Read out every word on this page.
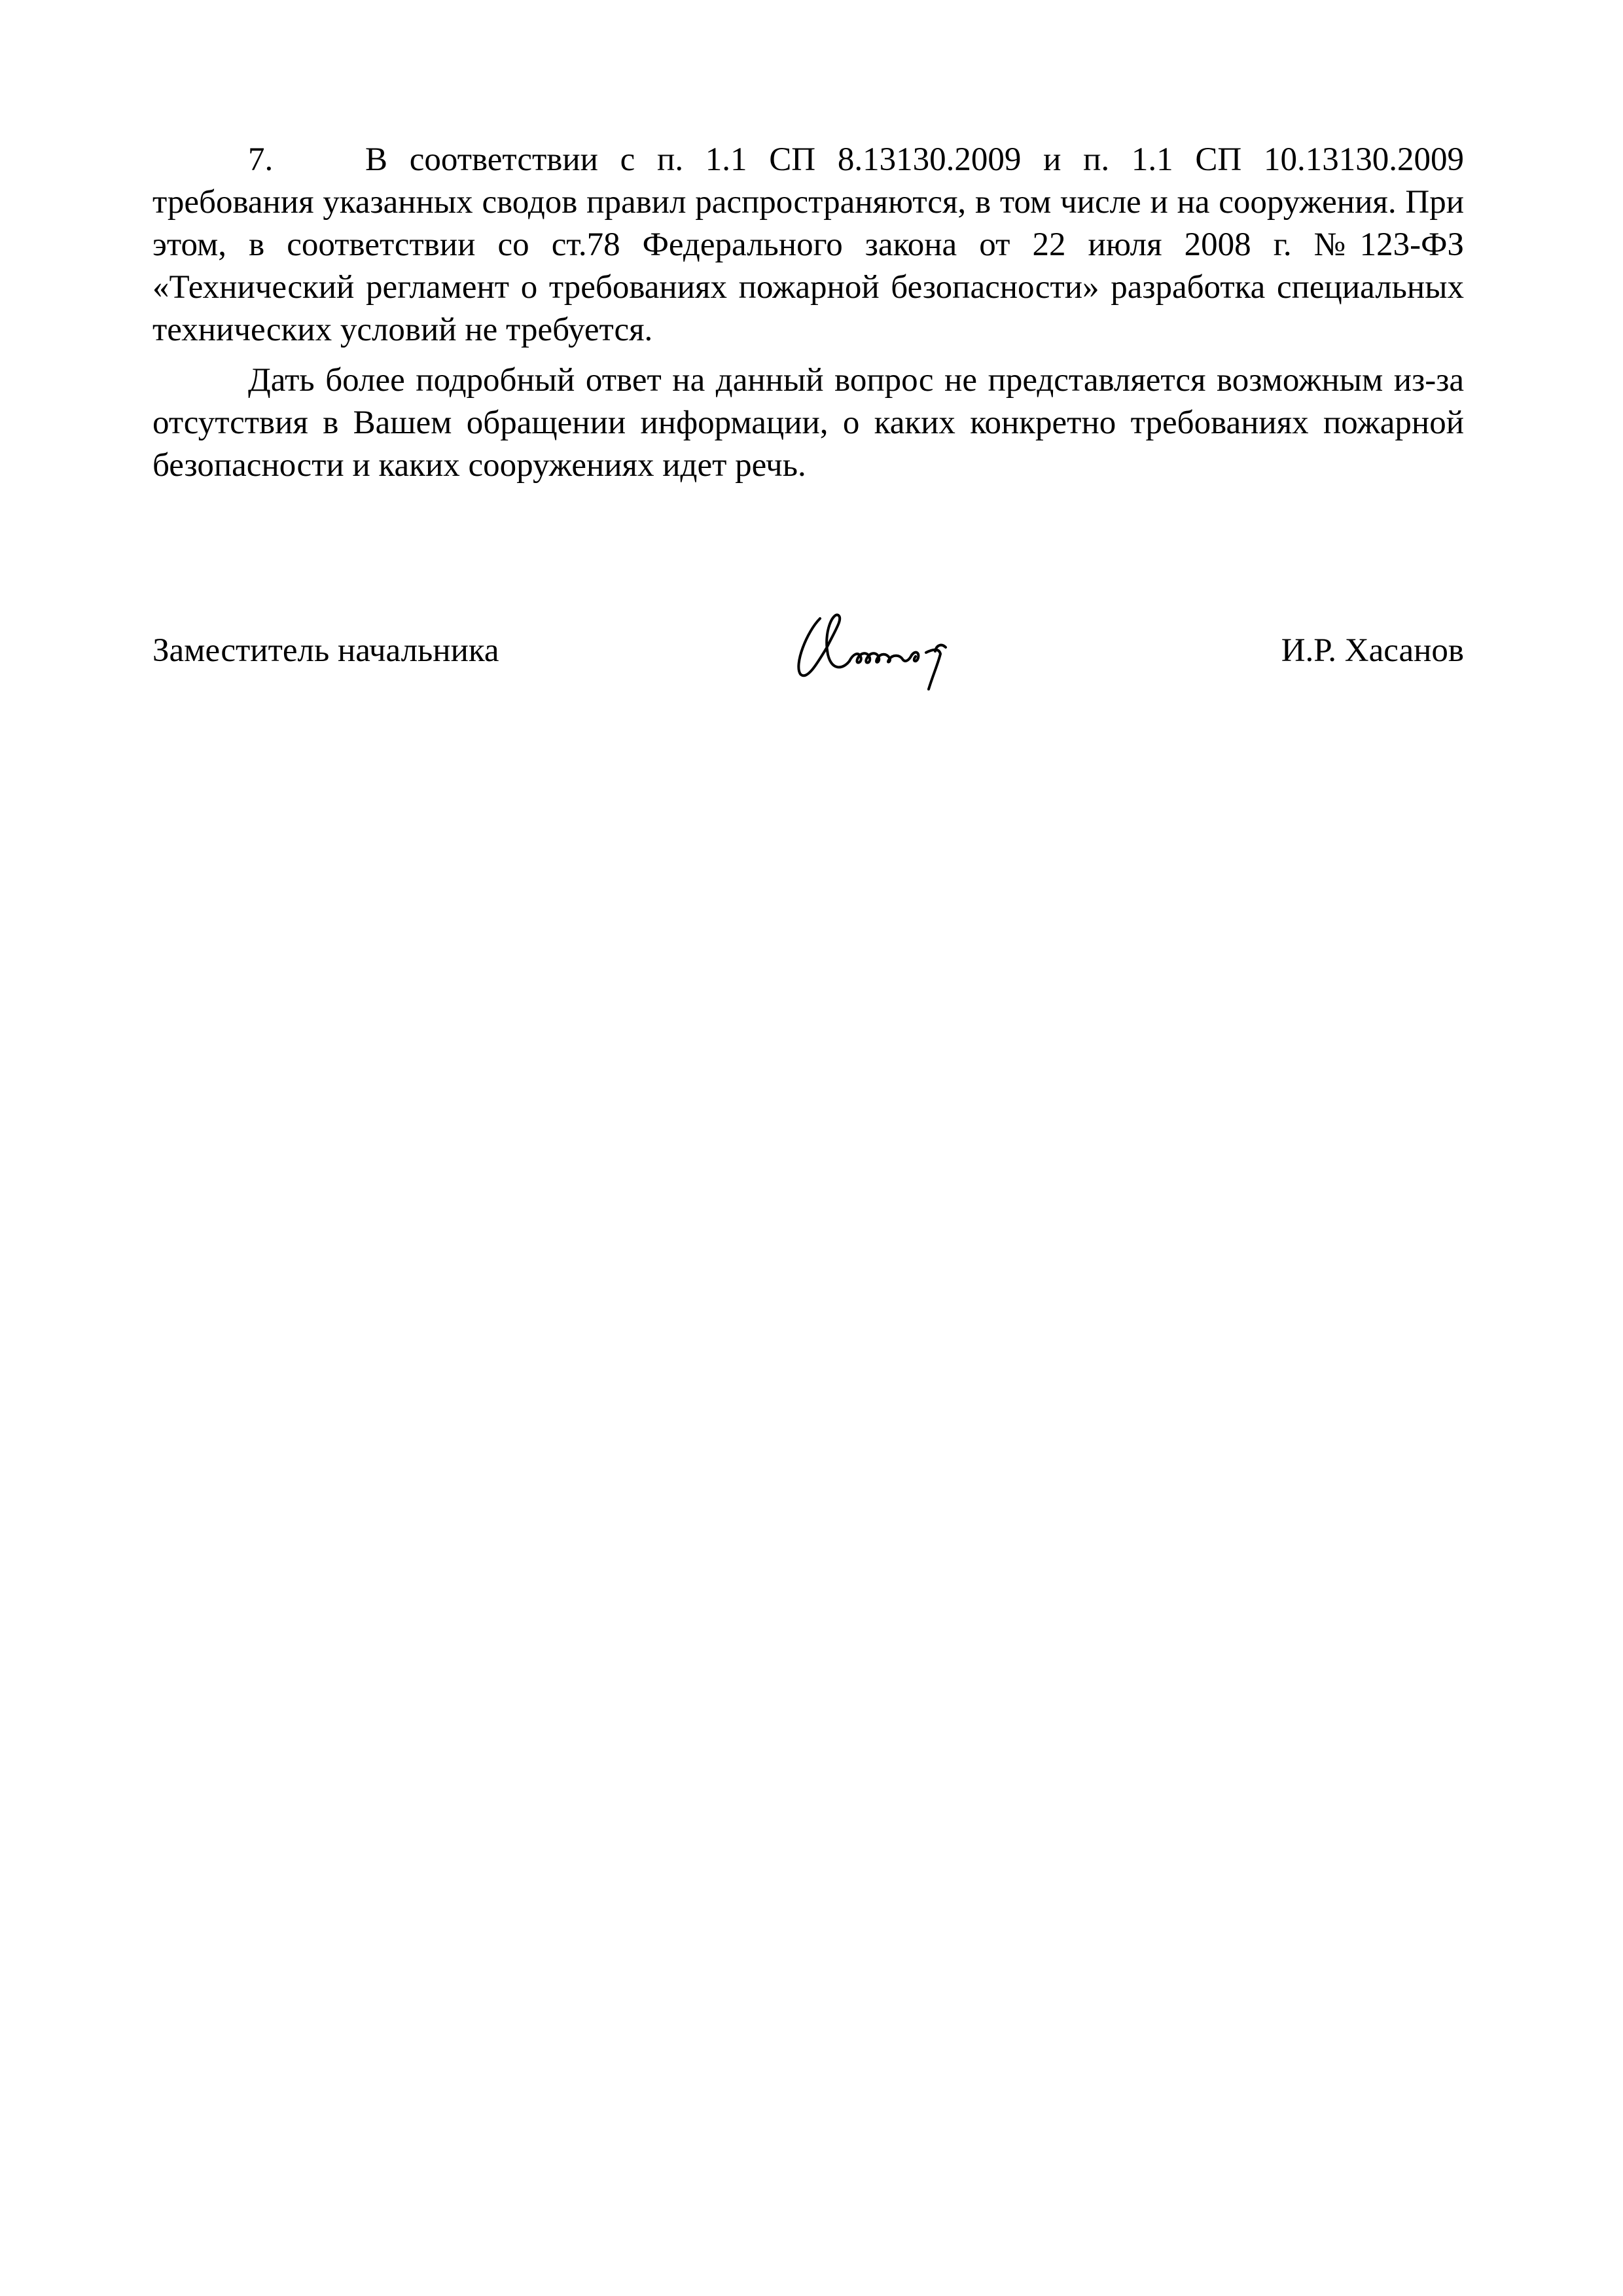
7.	В соответствии с п. 1.1 СП 8.13130.2009 и п. 1.1 СП 10.13130.2009 требования указанных сводов правил распространяются, в том числе и на сооружения. При этом, в соответствии со ст.78 Федерального закона от 22 июля 2008 г. №123-ФЗ «Технический регламент о требованиях пожарной безопасности» разработка специальных технических условий не требуется.

Дать более подробный ответ на данный вопрос не представляется возможным из-за отсутствия в Вашем обращении информации, о каких конкретно требованиях пожарной безопасности и каких сооружениях идет речь.

Заместитель начальника	И.Р. Хасанов
